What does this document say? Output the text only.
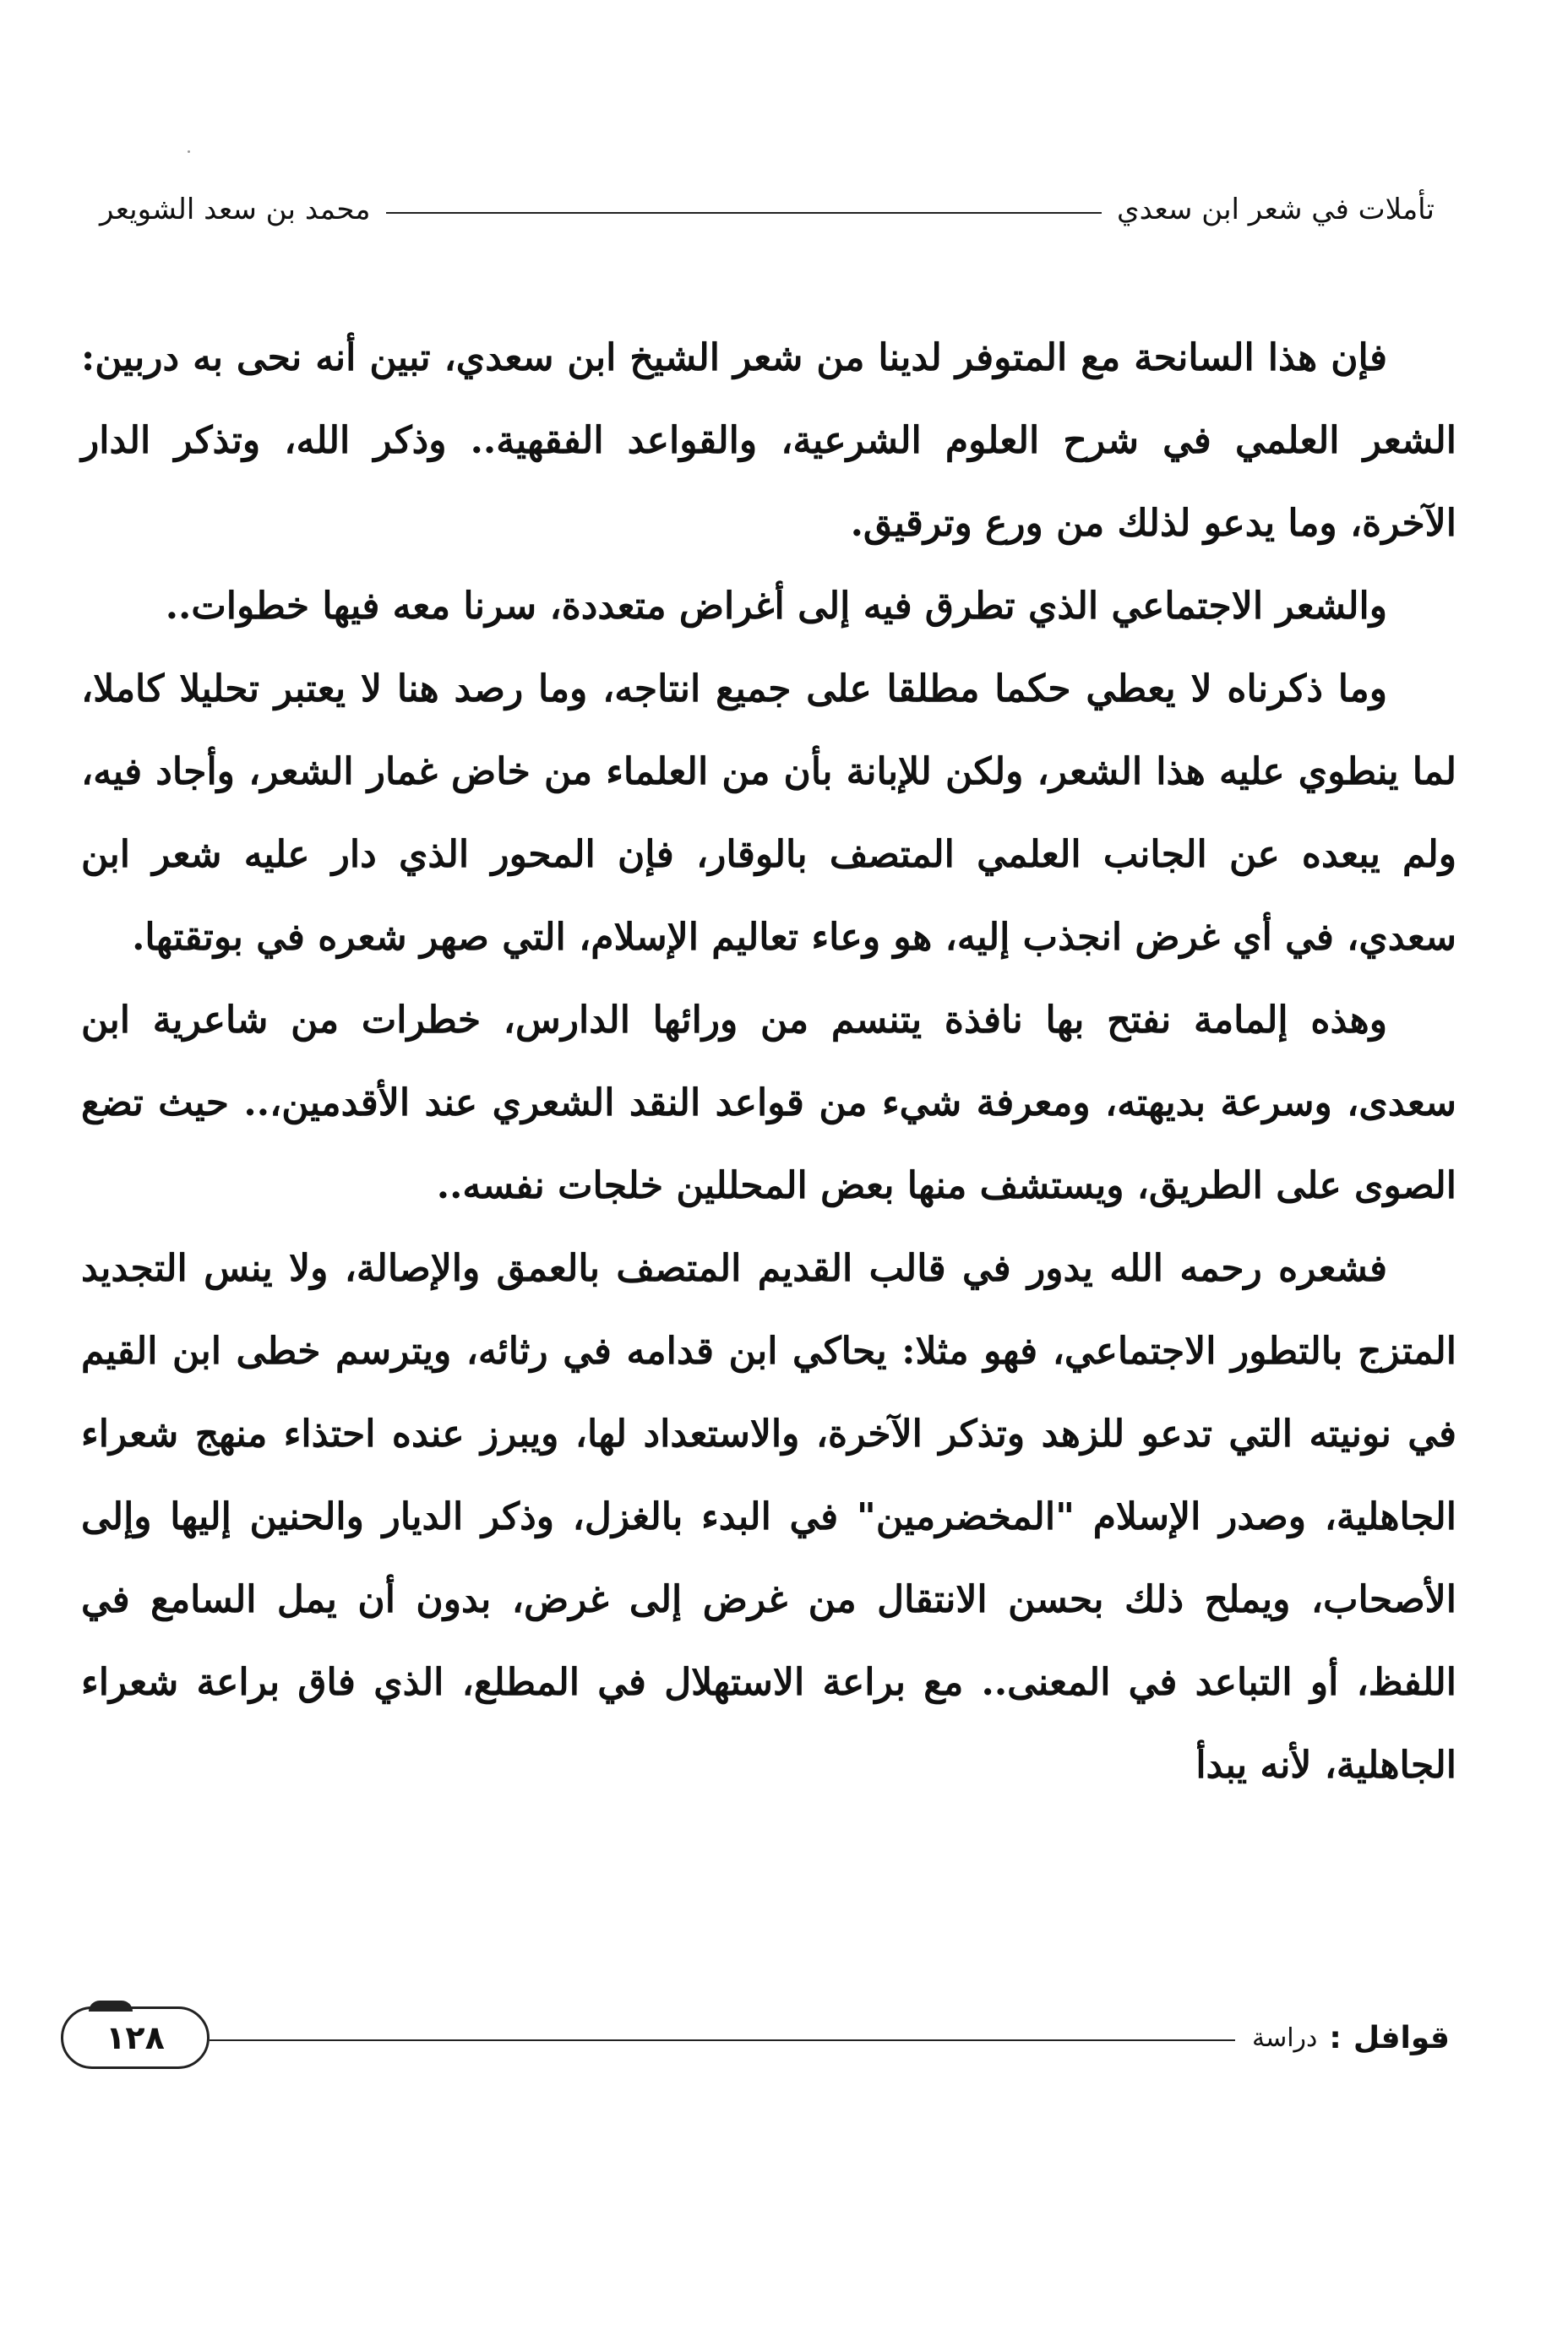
تأملات في شعر ابن سعدي
محمد بن سعد الشويعر

فإن هذا السانحة مع المتوفر لدينا من شعر الشيخ ابن سعدي، تبين أنه نحى به دربين: الشعر العلمي في شرح العلوم الشرعية، والقواعد الفقهية.. وذكر الله، وتذكر الدار الآخرة، وما يدعو لذلك من ورع وترقيق.

والشعر الاجتماعي الذي تطرق فيه إلى أغراض متعددة، سرنا معه فيها خطوات..

وما ذكرناه لا يعطي حكما مطلقا على جميع انتاجه، وما رصد هنا لا يعتبر تحليلا كاملا، لما ينطوي عليه هذا الشعر، ولكن للإبانة بأن من العلماء من خاض غمار الشعر، وأجاد فيه، ولم يبعده عن الجانب العلمي المتصف بالوقار، فإن المحور الذي دار عليه شعر ابن سعدي، في أي غرض انجذب إليه، هو وعاء تعاليم الإسلام، التي صهر شعره في بوتقتها.

وهذه إلمامة نفتح بها نافذة يتنسم من ورائها الدارس، خطرات من شاعرية ابن سعدى، وسرعة بديهته، ومعرفة شيء من قواعد النقد الشعري عند الأقدمين،.. حيث تضع الصوى على الطريق، ويستشف منها بعض المحللين خلجات نفسه..

فشعره رحمه الله يدور في قالب القديم المتصف بالعمق والإصالة، ولا ينس التجديد المتزج بالتطور الاجتماعي، فهو مثلا: يحاكي ابن قدامه في رثائه، ويترسم خطى ابن القيم في نونيته التي تدعو للزهد وتذكر الآخرة، والاستعداد لها، ويبرز عنده احتذاء منهج شعراء الجاهلية، وصدر الإسلام "المخضرمين" في البدء بالغزل، وذكر الديار والحنين إليها وإلى الأصحاب، ويملح ذلك بحسن الانتقال من غرض إلى غرض، بدون أن يمل السامع في اللفظ، أو التباعد في المعنى.. مع براعة الاستهلال في المطلع، الذي فاق براعة شعراء الجاهلية، لأنه يبدأ

قوافل
:
دراسة
١٢٨
